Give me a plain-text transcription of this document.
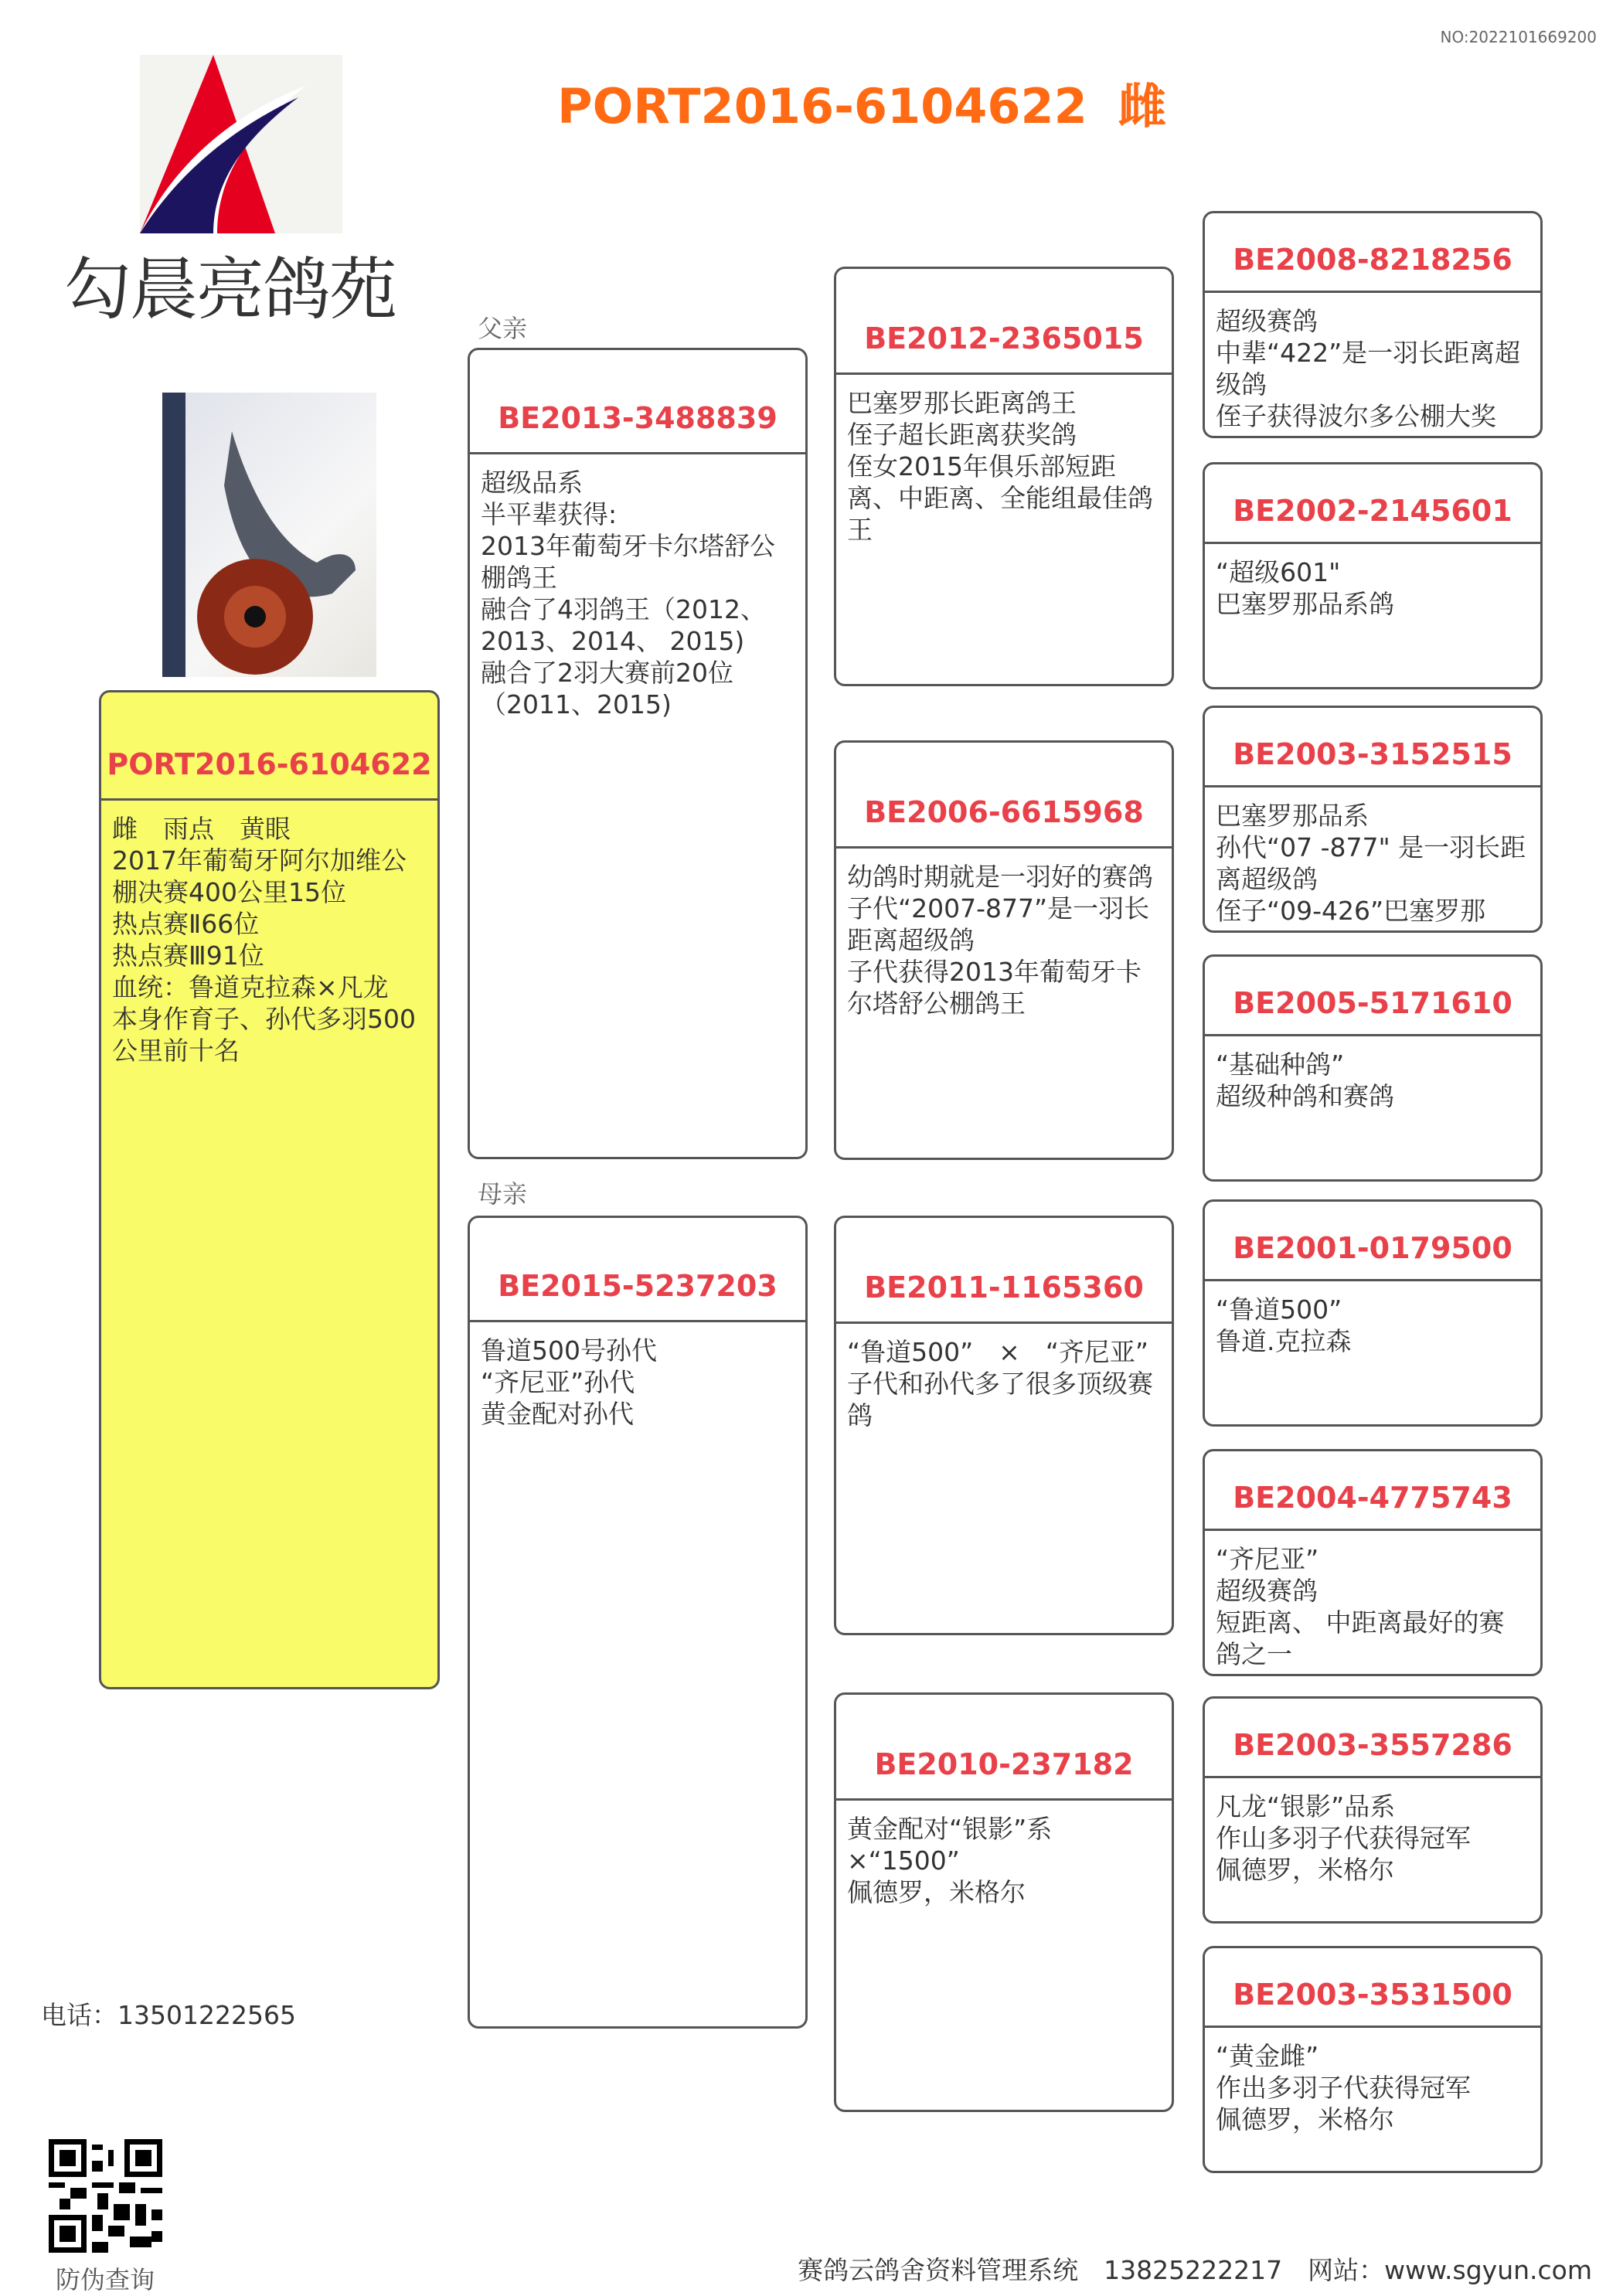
NO:2022101669200
勾晨亮鸽苑
PORT2016-6104622 雌
父亲
母亲
PORT2016-6104622
雌　雨点　黄眼
2017年葡萄牙阿尔加维公棚决赛400公里15位
热点赛Ⅱ66位
热点赛Ⅲ91位
血统：鲁道克拉森×凡龙
本身作育子、孙代多羽500公里前十名
BE2013-3488839
超级品系
半平辈获得:
2013年葡萄牙卡尔塔舒公棚鸽王
融合了4羽鸽王（2012、2013、2014、 2015)
融合了2羽大赛前20位（2011、2015)
BE2015-5237203
鲁道500号孙代
“齐尼亚”孙代
黄金配对孙代
BE2012-2365015
巴塞罗那长距离鸽王
侄子超长距离获奖鸽
侄女2015年俱乐部短距离、中距离、全能组最佳鸽王
BE2006-6615968
幼鸽时期就是一羽好的赛鸽
子代“2007-877”是一羽长距离超级鸽
子代获得2013年葡萄牙卡尔塔舒公棚鸽王
BE2011-1165360
“鲁道500”　×　“齐尼亚”
子代和孙代多了很多顶级赛鸽
BE2010-237182
黄金配对“银影”系×“1500”
佩德罗，米格尔
BE2008-8218256
超级赛鸽
中辈“422”是一羽长距离超级鸽
侄子获得波尔多公棚大奖
BE2002-2145601
“超级601"
巴塞罗那品系鸽
BE2003-3152515
巴塞罗那品系
孙代“07 -877" 是一羽长距离超级鸽
侄子“09-426”巴塞罗那
BE2005-5171610
“基础种鸽”
超级种鸽和赛鸽
BE2001-0179500
“鲁道500”
鲁道.克拉森
BE2004-4775743
“齐尼亚”
超级赛鸽
短距离、 中距离最好的赛鸽之一
BE2003-3557286
凡龙“银影”品系
作山多羽子代获得冠军
佩德罗，米格尔
BE2003-3531500
“黄金雌”
作出多羽子代获得冠军
佩德罗，米格尔
电话：13501222565
防伪查询	赛鸽云鸽舍资料管理系统　13825222217　网站：www.sgyun.com
